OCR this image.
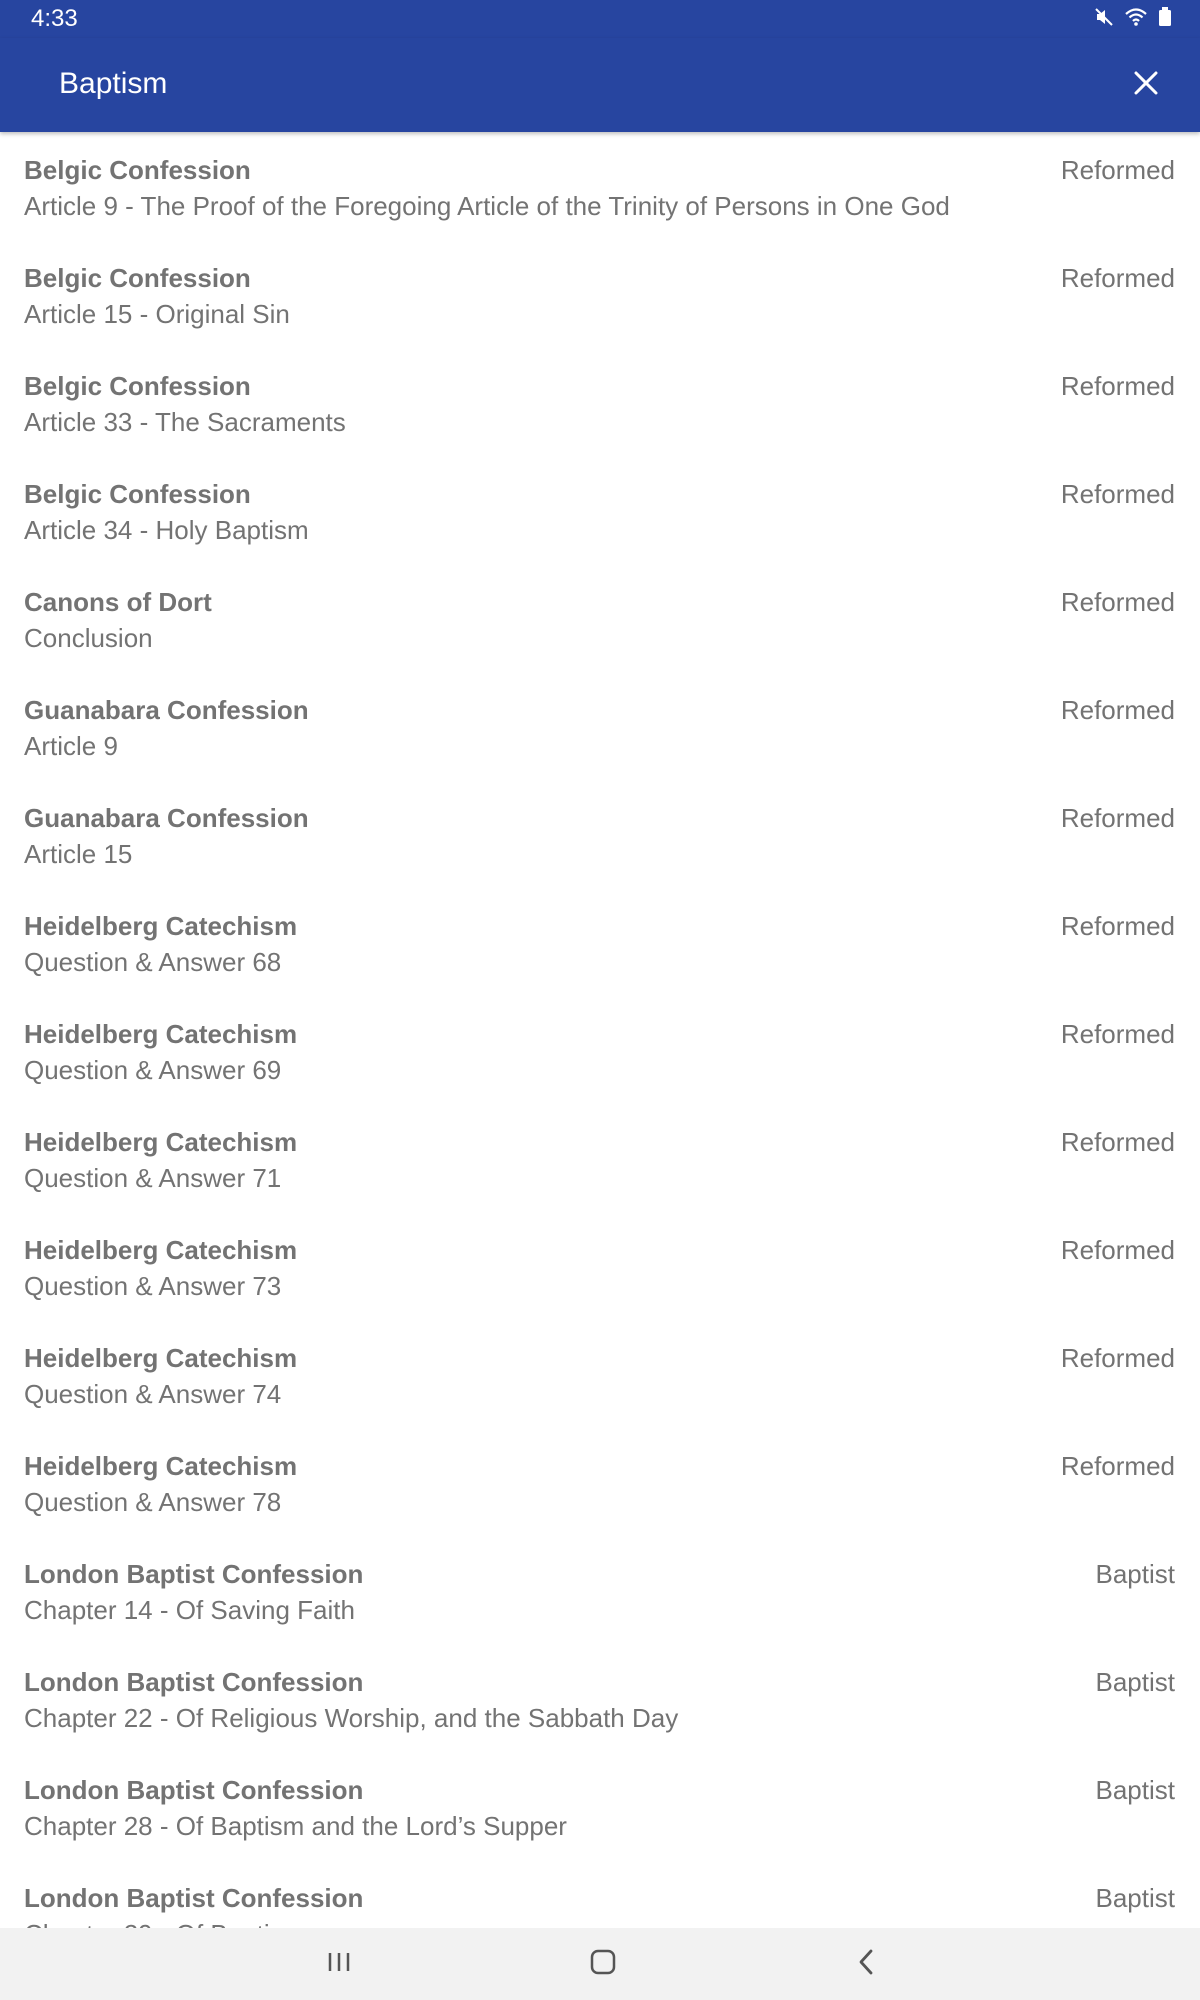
4:33
Baptism
Belgic Confession
Article 9 - The Proof of the Foregoing Article of the Trinity of Persons in One God
Reformed
Belgic Confession
Article 15 - Original Sin
Reformed
Belgic Confession
Article 33 - The Sacraments
Reformed
Belgic Confession
Article 34 - Holy Baptism
Reformed
Canons of Dort
Conclusion
Reformed
Guanabara Confession
Article 9
Reformed
Guanabara Confession
Article 15
Reformed
Heidelberg Catechism
Question & Answer 68
Reformed
Heidelberg Catechism
Question & Answer 69
Reformed
Heidelberg Catechism
Question & Answer 71
Reformed
Heidelberg Catechism
Question & Answer 73
Reformed
Heidelberg Catechism
Question & Answer 74
Reformed
Heidelberg Catechism
Question & Answer 78
Reformed
London Baptist Confession
Chapter 14 - Of Saving Faith
Baptist
London Baptist Confession
Chapter 22 - Of Religious Worship, and the Sabbath Day
Baptist
London Baptist Confession
Chapter 28 - Of Baptism and the Lord’s Supper
Baptist
London Baptist Confession	Baptist
